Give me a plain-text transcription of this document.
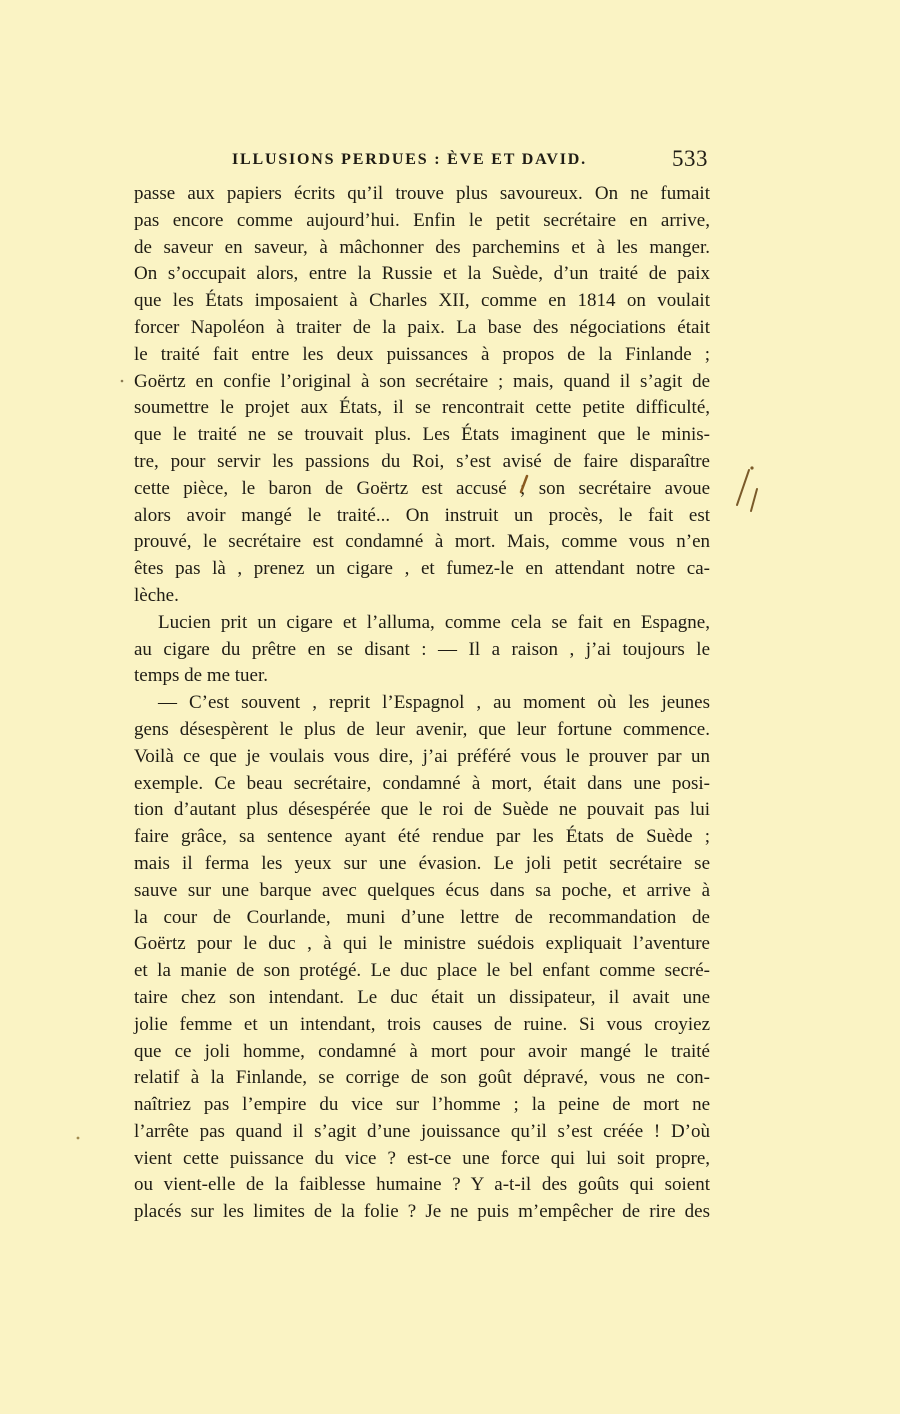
ILLUSIONS PERDUES : ÈVE ET DAVID.	533
passe aux papiers écrits qu’il trouve plus savoureux. On ne fumait
pas encore comme aujourd’hui. Enfin le petit secrétaire en arrive,
de saveur en saveur, à mâchonner des parchemins et à les manger.
On s’occupait alors, entre la Russie et la Suède, d’un traité de paix
que les États imposaient à Charles XII, comme en 1814 on voulait
forcer Napoléon à traiter de la paix. La base des négociations était
le traité fait entre les deux puissances à propos de la Finlande ;
Goërtz en confie l’original à son secrétaire ; mais, quand il s’agit de
soumettre le projet aux États, il se rencontrait cette petite difficulté,
que le traité ne se trouvait plus. Les États imaginent que le minis-
tre, pour servir les passions du Roi, s’est avisé de faire disparaître
cette pièce, le baron de Goërtz est accusé ; son secrétaire avoue
alors avoir mangé le traité... On instruit un procès, le fait est
prouvé, le secrétaire est condamné à mort. Mais, comme vous n’en
êtes pas là , prenez un cigare , et fumez-le en attendant notre ca-
lèche.
Lucien prit un cigare et l’alluma, comme cela se fait en Espagne,
au cigare du prêtre en se disant : — Il a raison , j’ai toujours le
temps de me tuer.
— C’est souvent , reprit l’Espagnol , au moment où les jeunes
gens désespèrent le plus de leur avenir, que leur fortune commence.
Voilà ce que je voulais vous dire, j’ai préféré vous le prouver par un
exemple. Ce beau secrétaire, condamné à mort, était dans une posi-
tion d’autant plus désespérée que le roi de Suède ne pouvait pas lui
faire grâce, sa sentence ayant été rendue par les États de Suède ;
mais il ferma les yeux sur une évasion. Le joli petit secrétaire se
sauve sur une barque avec quelques écus dans sa poche, et arrive à
la cour de Courlande, muni d’une lettre de recommandation de
Goërtz pour le duc , à qui le ministre suédois expliquait l’aventure
et la manie de son protégé. Le duc place le bel enfant comme secré-
taire chez son intendant. Le duc était un dissipateur, il avait une
jolie femme et un intendant, trois causes de ruine. Si vous croyiez
que ce joli homme, condamné à mort pour avoir mangé le traité
relatif à la Finlande, se corrige de son goût dépravé, vous ne con-
naîtriez pas l’empire du vice sur l’homme ; la peine de mort ne
l’arrête pas quand il s’agit d’une jouissance qu’il s’est créée ! D’où
vient cette puissance du vice ? est-ce une force qui lui soit propre,
ou vient-elle de la faiblesse humaine ? Y a-t-il des goûts qui soient
placés sur les limites de la folie ? Je ne puis m’empêcher de rire des
